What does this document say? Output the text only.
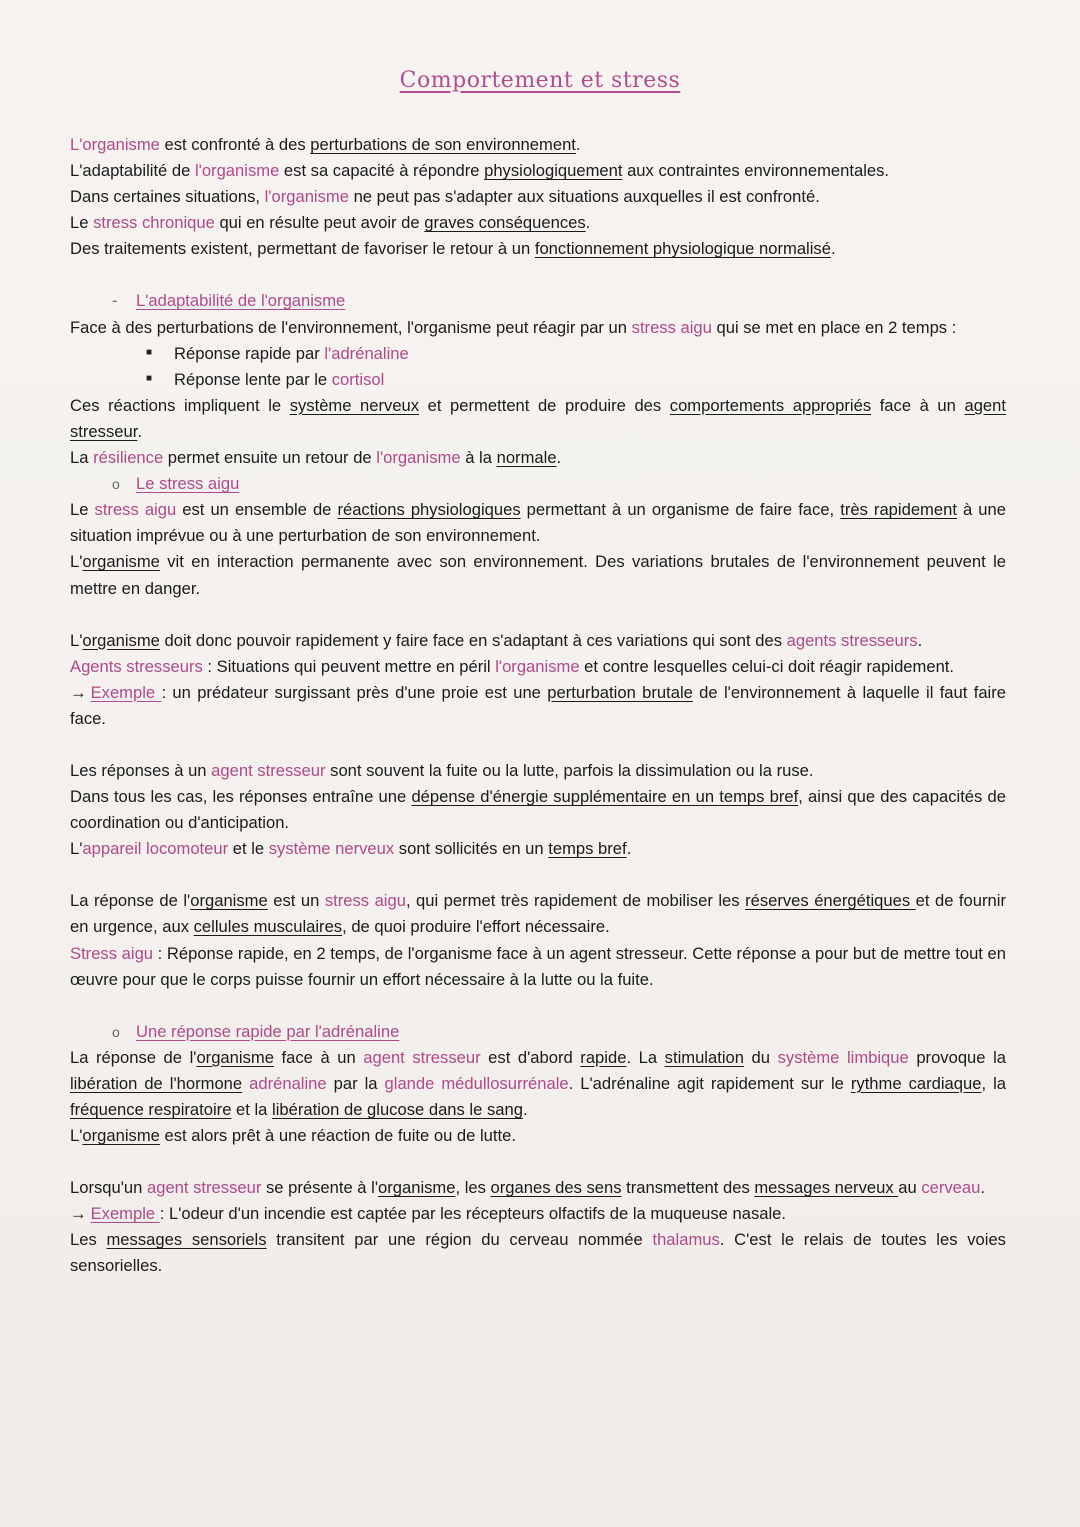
Comportement et stress

L'organisme est confronté à des perturbations de son environnement.

L'adaptabilité de l'organisme est sa capacité à répondre physiologiquement aux contraintes environnementales.

Dans certaines situations, l'organisme ne peut pas s'adapter aux situations auxquelles il est confronté.

Le stress chronique qui en résulte peut avoir de graves conséquences.

Des traitements existent, permettant de favoriser le retour à un fonctionnement physiologique normalisé.

- L'adaptabilité de l'organisme

Face à des perturbations de l'environnement, l'organisme peut réagir par un stress aigu qui se met en place en 2 temps :

■ Réponse rapide par l'adrénaline
■ Réponse lente par le cortisol

Ces réactions impliquent le système nerveux et permettent de produire des comportements appropriés face à un agent stresseur.

La résilience permet ensuite un retour de l'organisme à la normale.

o Le stress aigu

Le stress aigu est un ensemble de réactions physiologiques permettant à un organisme de faire face, très rapidement à une situation imprévue ou à une perturbation de son environnement.

L'organisme vit en interaction permanente avec son environnement. Des variations brutales de l'environnement peuvent le mettre en danger.

L'organisme doit donc pouvoir rapidement y faire face en s'adaptant à ces variations qui sont des agents stresseurs.

Agents stresseurs : Situations qui peuvent mettre en péril l'organisme et contre lesquelles celui-ci doit réagir rapidement.

→ Exemple : un prédateur surgissant près d'une proie est une perturbation brutale de l'environnement à laquelle il faut faire face.

Les réponses à un agent stresseur sont souvent la fuite ou la lutte, parfois la dissimulation ou la ruse.

Dans tous les cas, les réponses entraîne une dépense d'énergie supplémentaire en un temps bref, ainsi que des capacités de coordination ou d'anticipation.

L'appareil locomoteur et le système nerveux sont sollicités en un temps bref.

La réponse de l'organisme est un stress aigu, qui permet très rapidement de mobiliser les réserves énergétiques et de fournir en urgence, aux cellules musculaires, de quoi produire l'effort nécessaire.

Stress aigu : Réponse rapide, en 2 temps, de l'organisme face à un agent stresseur. Cette réponse a pour but de mettre tout en œuvre pour que le corps puisse fournir un effort nécessaire à la lutte ou la fuite.

o Une réponse rapide par l'adrénaline

La réponse de l'organisme face à un agent stresseur est d'abord rapide. La stimulation du système limbique provoque la libération de l'hormone adrénaline par la glande médullosurrénale. L'adrénaline agit rapidement sur le rythme cardiaque, la fréquence respiratoire et la libération de glucose dans le sang.

L'organisme est alors prêt à une réaction de fuite ou de lutte.

Lorsqu'un agent stresseur se présente à l'organisme, les organes des sens transmettent des messages nerveux au cerveau.

→ Exemple : L'odeur d'un incendie est captée par les récepteurs olfactifs de la muqueuse nasale.

Les messages sensoriels transitent par une région du cerveau nommée thalamus. C'est le relais de toutes les voies sensorielles.
